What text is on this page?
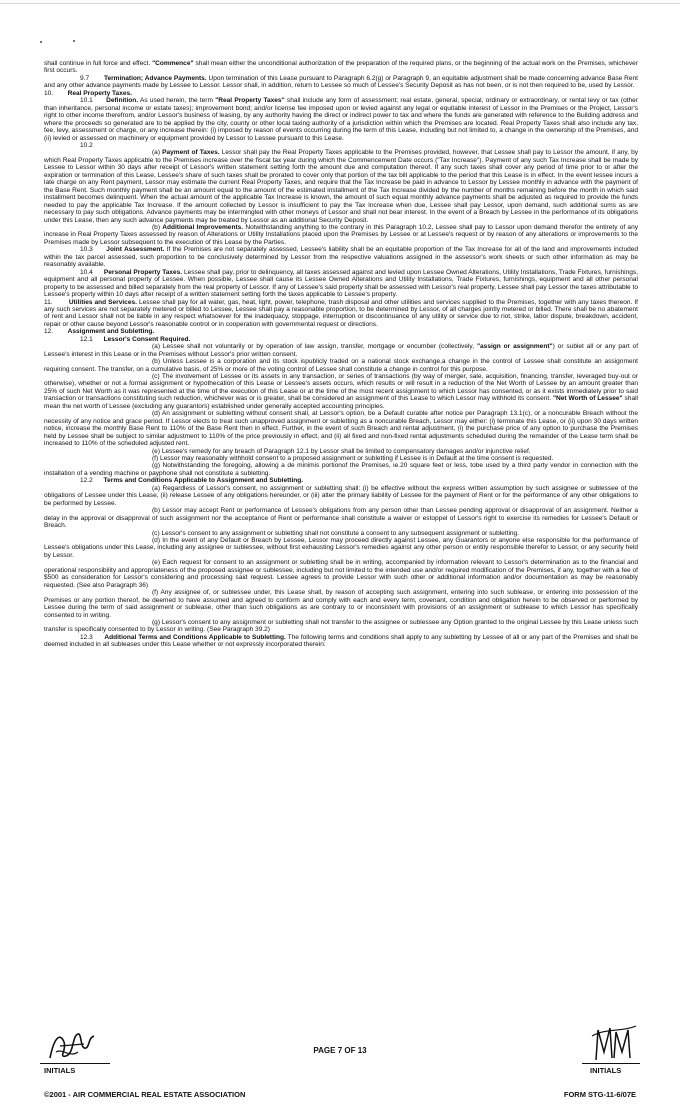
shall continue in full force and effect. "Commence" shall mean either the unconditional authorization of the preparation of the required plans, or the beginning of the actual work on the Premises, whichever first occurs.

9.7        Termination; Advance Payments. Upon termination of this Lease pursuant to Paragraph 6.2(g) or Paragraph 9, an equitable adjustment shall be made concerning advance Base Rent and any other advance payments made by Lessee to Lessor. Lessor shall, in addition, return to Lessee so much of Lessee's Security Deposit as has not been, or is not then required to be, used by Lessor.

10.        Real Property Taxes.

10.1      Definition. As used herein, the term "Real Property Taxes" shall include any form of assessment; real estate, general, special, ordinary or extraordinary, or rental levy or tax (other than inheritance, personal income or estate taxes); improvement bond; and/or license fee imposed upon or levied against any legal or equitable interest of Lessor in the Premises or the Project, Lessor's right to other income therefrom, and/or Lessor's business of leasing, by any authority having the direct or indirect power to tax and where the funds are generated with reference to the Building address and where the proceeds so generated are to be applied by the city, county or other local taxing authority of a jurisdiction within which the Premises are located. Real Property Taxes shall also include any tax, fee, levy, assessment or charge, or any increase therein: (i) imposed by reason of events occurring during the term of this Lease, including but not limited to, a change in the ownership of the Premises, and (ii) levied or assessed on machinery or equipment provided by Lessor to Lessee pursuant to this Lease.

10.2

(a) Payment of Taxes. Lessor shall pay the Real Property Taxes applicable to the Premises provided, however, that Lessee shall pay to Lessor the amount, if any, by which Real Property Taxes applicable to the Premises increase over the fiscal tax year during which the Commencement Date occurs ("Tax Increase"). Payment of any such Tax Increase shall be made by Lessee to Lessor within 30 days after receipt of Lessor's written statement setting forth the amount due and computation thereof. If any such taxes shall cover any period of time prior to or after the expiration or termination of this Lease, Lessee's share of such taxes shall be prorated to cover only that portion of the tax bill applicable to the period that this Lease is in effect. In the event lessee incurs a late charge on any Rent payment, Lessor may estimate the current Real Property Taxes, and require that the Tax Increase be paid in advance to Lessor by Lessee monthly in advance with the payment of the Base Rent. Such monthly payment shall be an amount equal to the amount of the estimated installment of the Tax Increase divided by the number of months remaining before the month in which said installment becomes delinquent. When the actual amount of the applicable Tax Increase is known, the amount of such equal monthly advance payments shall be adjusted as required to provide the funds needed to pay the applicable Tax Increase. If the amount collected by Lessor is insufficient to pay the Tax Increase when due, Lessee shall pay Lessor, upon demand, such additional sums as are necessary to pay such obligations. Advance payments may be intermingled with other moneys of Lessor and shall not bear interest. In the event of a Breach by Lessee in the performance of its obligations under this Lease, then any such advance payments may be treated by Lessor as an additional Security Deposit.

(b) Additional Improvements. Notwithstanding anything to the contrary in this Paragraph 10.2, Lessee shall pay to Lessor upon demand therefor the entirety of any increase in Real Property Taxes assessed by reason of Alterations or Utility Installations placed upon the Premises by Lessee or at Lessee's request or by reason of any alterations or improvements to the Premises made by Lessor subsequent to the execution of this Lease by the Parties.

10.3      Joint Assessment. If the Premises are not separately assessed, Lessee's liability shall be an equitable proportion of the Tax Increase for all of the land and improvements included within the tax parcel assessed, such proportion to be conclusively determined by Lessor from the respective valuations assigned in the assessor's work sheets or such other information as may be reasonably available.

10.4      Personal Property Taxes. Lessee shall pay, prior to delinquency, all taxes assessed against and levied upon Lessee Owned Alterations, Utility Installations, Trade Fixtures, furnishings, equipment and all personal property of Lessee. When possible, Lessee shall cause its Lessee Owned Alterations and Utility Installations, Trade Fixtures, furnishings, equipment and all other personal property to be assessed and billed separately from the real property of Lessor. If any of Lessee's said property shall be assessed with Lessor's real property, Lessee shall pay Lessor the taxes attributable to Lessee's property within 10 days after receipt of a written statement setting forth the taxes applicable to Lessee's property.

11.        Utilities and Services. Lessee shall pay for all water, gas, heat, light, power, telephone, trash disposal and other utilities and services supplied to the Premises, together with any taxes thereon. If any such services are not separately metered or billed to Lessee, Lessee shall pay a reasonable proportion, to be determined by Lessor, of all charges jointly metered or billed. There shall be no abatement of rent and Lessor shall not be liable in any respect whatsoever for the inadequacy, stoppage, interruption or discontinuance of any utility or service due to riot, strike, labor dispute, breakdown, accident, repair or other cause beyond Lessor's reasonable control or in cooperation with governmental request or directions.

12.        Assignment and Subletting.

12.1      Lessor's Consent Required.

(a) Lessee shall not voluntarily or by operation of law assign, transfer, mortgage or encumber (collectively, "assign or assignment") or sublet all or any part of Lessee's interest in this Lease or in the Premises without Lessor's prior written consent.

(b) Unless Lessee is a corporation and its stock ispublicly traded on a national stock exchange,a change in the control of Lessee shall constitute an assignment requiring consent. The transfer, on a cumulative basis, of 25% or more of the voting control of Lessee shall constitute a change in control for this purpose.

(c) The involvement of Lessee or its assets in any transaction, or series of transactions (by way of merger, sale, acquisition, financing, transfer, leveraged buy-out or otherwise), whether or not a formal assignment or hypothecation of this Lease or Lessee's assets occurs, which results or will result in a reduction of the Net Worth of Lessee by an amount greater than 25% of such Net Worth as it was represented at the time of the execution of this Lease or at the time of the most recent assignment to which Lessor has consented, or as it exists immediately prior to said transaction or transactions constituting such reduction, whichever was or is greater, shall be considered an assignment of this Lease to which Lessor may withhold its consent. "Net Worth of Lessee" shall mean the net worth of Lessee (excluding any guarantors) established under generally accepted accounting principles.

(d) An assignment or subletting without consent shall, at Lessor's option, be a Default curable after notice per Paragraph 13.1(c), or a noncurable Breach without the necessity of any notice and grace period. If Lessor elects to treat such unapproved assignment or subletting as a noncurable Breach, Lessor may either: (i) terminate this Lease, or (ii) upon 30 days written notice, increase the monthly Base Rent to 110% of the Base Rent then in effect. Further, in the event of such Breach and rental adjustment, (i) the purchase price of any option to purchase the Premises held by Lessee shall be subject to similar adjustment to 110% of the price previously in effect, and (ii) all fixed and non-fixed rental adjustments scheduled during the remainder of the Lease term shall be increased to 110% of the scheduled adjusted rent.

(e) Lessee's remedy for any breach of Paragraph 12.1 by Lessor shall be limited to compensatory damages and/or injunctive relief.

(f) Lessor may reasonably withhold consent to a proposed assignment or subletting if Lessee is in Default at the time consent is requested.

(g) Notwithstanding the foregoing, allowing a de minimis portionof the Premises, ie.20 square feet or less, tobe used by a third party vendor in connection with the installation of a vending machine or payphone shall not constitute a subletting.

12.2      Terms and Conditions Applicable to Assignment and Subletting.

(a) Regardless of Lessor's consent, no assignment or subletting shall: (i) be effective without the express written assumption by such assignee or sublessee of the obligations of Lessee under this Lease, (ii) release Lessee of any obligations hereunder, or (iii) alter the primary liability of Lessee for the payment of Rent or for the performance of any other obligations to be performed by Lessee.

(b) Lessor may accept Rent or performance of Lessee's obligations from any person other than Lessee pending approval or disapproval of an assignment. Neither a delay in the approval or disapproval of such assignment nor the acceptance of Rent or performance shall constitute a waiver or estoppel of Lessor's right to exercise its remedies for Lessee's Default or Breach.

(c) Lessor's consent to any assignment or subletting shall not constitute a consent to any subsequent assignment or subletting.

(d) In the event of any Default or Breach by Lessee, Lessor may proceed directly against Lessee, any Guarantors or anyone else responsible for the performance of Lessee's obligations under this Lease, including any assignee or sublessee, without first exhausting Lessor's remedies against any other person or entity responsible therefor to Lessor, or any security held by Lessor.

(e) Each request for consent to an assignment or subletting shall be in writing, accompanied by information relevant to Lessor's determination as to the financial and operational responsibility and appropriateness of the proposed assignee or sublessee, including but not limited to the intended use and/or required modification of the Premises, if any, together with a fee of $500 as consideration for Lessor's considering and processing said request. Lessee agrees to provide Lessor with such other or additional information and/or documentation as may be reasonably requested. (See also Paragraph 36)

(f) Any assignee of, or sublessee under, this Lease shall, by reason of accepting such assignment, entering into such sublease, or entering into possession of the Premises or any portion thereof, be deemed to have assumed and agreed to conform and comply with each and every term, covenant, condition and obligation herein to be observed or performed by Lessee during the term of said assignment or sublease, other than such obligations as are contrary to or inconsistent with provisions of an assignment or sublease to which Lessor has specifically consented to in writing.

(g) Lessor's consent to any assignment or subletting shall not transfer to the assignee or sublessee any Option granted to the original Lessee by this Lease unless such transfer is specifically consented to by Lessor in writing. (See Paragraph 39.2)

12.3      Additional Terms and Conditions Applicable to Subletting. The following terms and conditions shall apply to any subletting by Lessee of all or any part of the Premises and shall be deemed included in all subleases under this Lease whether or not expressly incorporated therein:

INITIALS
PAGE 7 OF 13
INITIALS
©2001 - AIR COMMERCIAL REAL ESTATE ASSOCIATION	FORM STG-11-6/07E
